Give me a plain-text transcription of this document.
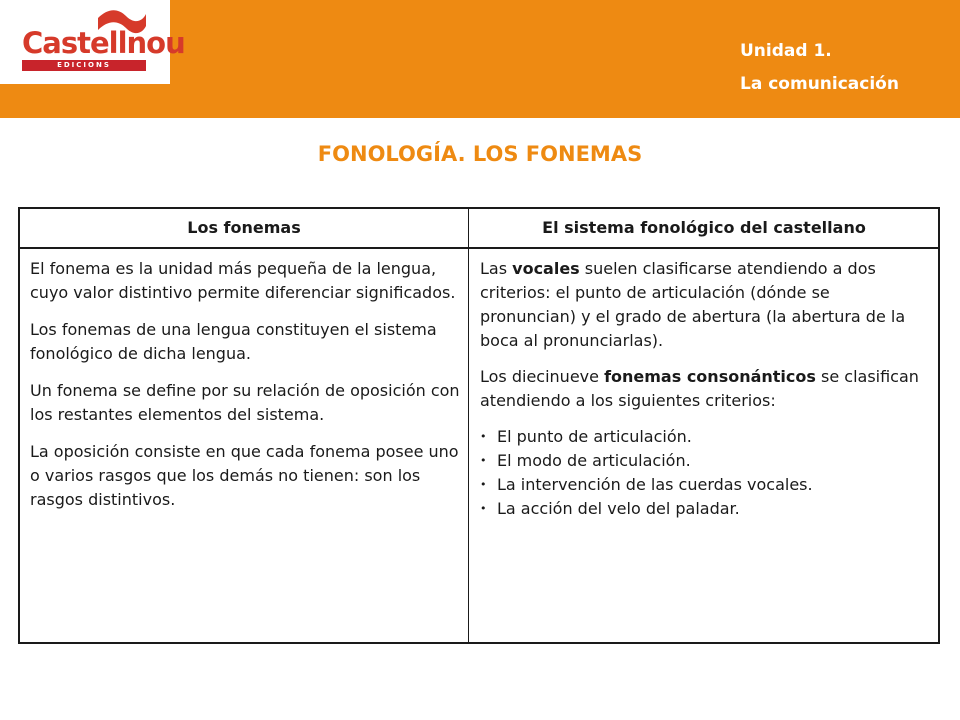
Castellnou
EDICIONS
Unidad 1.
La comunicación
FONOLOGÍA. LOS FONEMAS
Los fonemas	El sistema fonológico del castellano

El fonema es la unidad más pequeña de la lengua, cuyo valor distintivo permite diferenciar significados.

Los fonemas de una lengua constituyen el sistema fonológico de dicha lengua.

Un fonema se define por su relación de oposición con los restantes elementos del sistema.

La oposición consiste en que cada fonema posee uno o varios rasgos que los demás no tienen: son los rasgos distintivos.

Las vocales suelen clasificarse atendiendo a dos criterios: el punto de articulación (dónde se pronuncian) y el grado de abertura (la abertura de la boca al pronunciarlas).

Los diecinueve fonemas consonánticos se clasifican atendiendo a los siguientes criterios:

• El punto de articulación.
• El modo de articulación.
• La intervención de las cuerdas vocales.
• La acción del velo del paladar.
